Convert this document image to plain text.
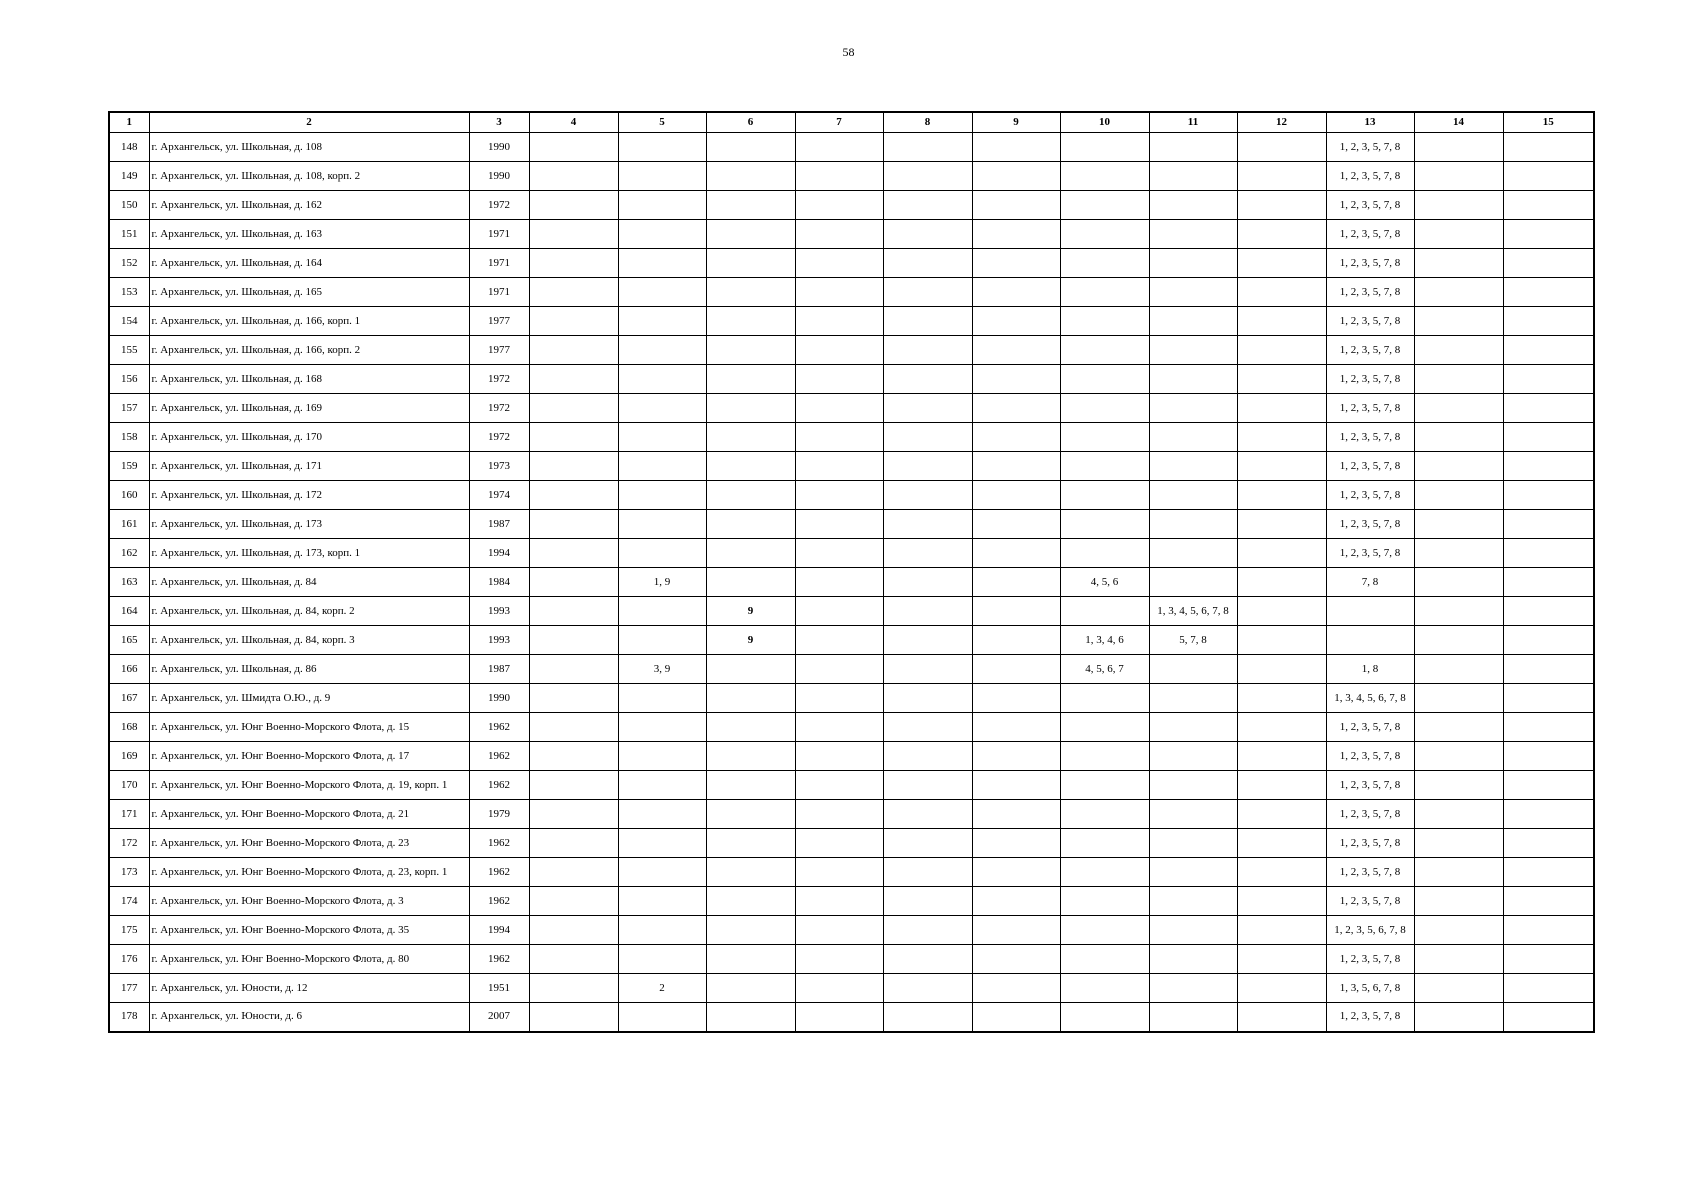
58
1	2	3	4	5	6	7	8	9	10	11	12	13	14	15
148	г. Архангельск, ул. Школьная, д. 108	1990										1, 2, 3, 5, 7, 8		
149	г. Архангельск, ул. Школьная, д. 108, корп. 2	1990										1, 2, 3, 5, 7, 8		
150	г. Архангельск, ул. Школьная, д. 162	1972										1, 2, 3, 5, 7, 8		
151	г. Архангельск, ул. Школьная, д. 163	1971										1, 2, 3, 5, 7, 8		
152	г. Архангельск, ул. Школьная, д. 164	1971										1, 2, 3, 5, 7, 8		
153	г. Архангельск, ул. Школьная, д. 165	1971										1, 2, 3, 5, 7, 8		
154	г. Архангельск, ул. Школьная, д. 166, корп. 1	1977										1, 2, 3, 5, 7, 8		
155	г. Архангельск, ул. Школьная, д. 166, корп. 2	1977										1, 2, 3, 5, 7, 8		
156	г. Архангельск, ул. Школьная, д. 168	1972										1, 2, 3, 5, 7, 8		
157	г. Архангельск, ул. Школьная, д. 169	1972										1, 2, 3, 5, 7, 8		
158	г. Архангельск, ул. Школьная, д. 170	1972										1, 2, 3, 5, 7, 8		
159	г. Архангельск, ул. Школьная, д. 171	1973										1, 2, 3, 5, 7, 8		
160	г. Архангельск, ул. Школьная, д. 172	1974										1, 2, 3, 5, 7, 8		
161	г. Архангельск, ул. Школьная, д. 173	1987										1, 2, 3, 5, 7, 8		
162	г. Архангельск, ул. Школьная, д. 173, корп. 1	1994										1, 2, 3, 5, 7, 8		
163	г. Архангельск, ул. Школьная, д. 84	1984		1, 9					4, 5, 6			7, 8		
164	г. Архангельск, ул. Школьная, д. 84, корп. 2	1993			9					1, 3, 4, 5, 6, 7, 8				
165	г. Архангельск, ул. Школьная, д. 84, корп. 3	1993			9				1, 3, 4, 6	5, 7, 8				
166	г. Архангельск, ул. Школьная, д. 86	1987		3, 9					4, 5, 6, 7			1, 8		
167	г. Архангельск, ул. Шмидта О.Ю., д. 9	1990										1, 3, 4, 5, 6, 7, 8		
168	г. Архангельск, ул. Юнг Военно-Морского Флота, д. 15	1962										1, 2, 3, 5, 7, 8		
169	г. Архангельск, ул. Юнг Военно-Морского Флота, д. 17	1962										1, 2, 3, 5, 7, 8		
170	г. Архангельск, ул. Юнг Военно-Морского Флота, д. 19, корп. 1	1962										1, 2, 3, 5, 7, 8		
171	г. Архангельск, ул. Юнг Военно-Морского Флота, д. 21	1979										1, 2, 3, 5, 7, 8		
172	г. Архангельск, ул. Юнг Военно-Морского Флота, д. 23	1962										1, 2, 3, 5, 7, 8		
173	г. Архангельск, ул. Юнг Военно-Морского Флота, д. 23, корп. 1	1962										1, 2, 3, 5, 7, 8		
174	г. Архангельск, ул. Юнг Военно-Морского Флота, д. 3	1962										1, 2, 3, 5, 7, 8		
175	г. Архангельск, ул. Юнг Военно-Морского Флота, д. 35	1994										1, 2, 3, 5, 6, 7, 8		
176	г. Архангельск, ул. Юнг Военно-Морского Флота, д. 80	1962										1, 2, 3, 5, 7, 8		
177	г. Архангельск, ул. Юности, д. 12	1951		2								1, 3, 5, 6, 7, 8		
178	г. Архангельск, ул. Юности, д. 6	2007										1, 2, 3, 5, 7, 8		
